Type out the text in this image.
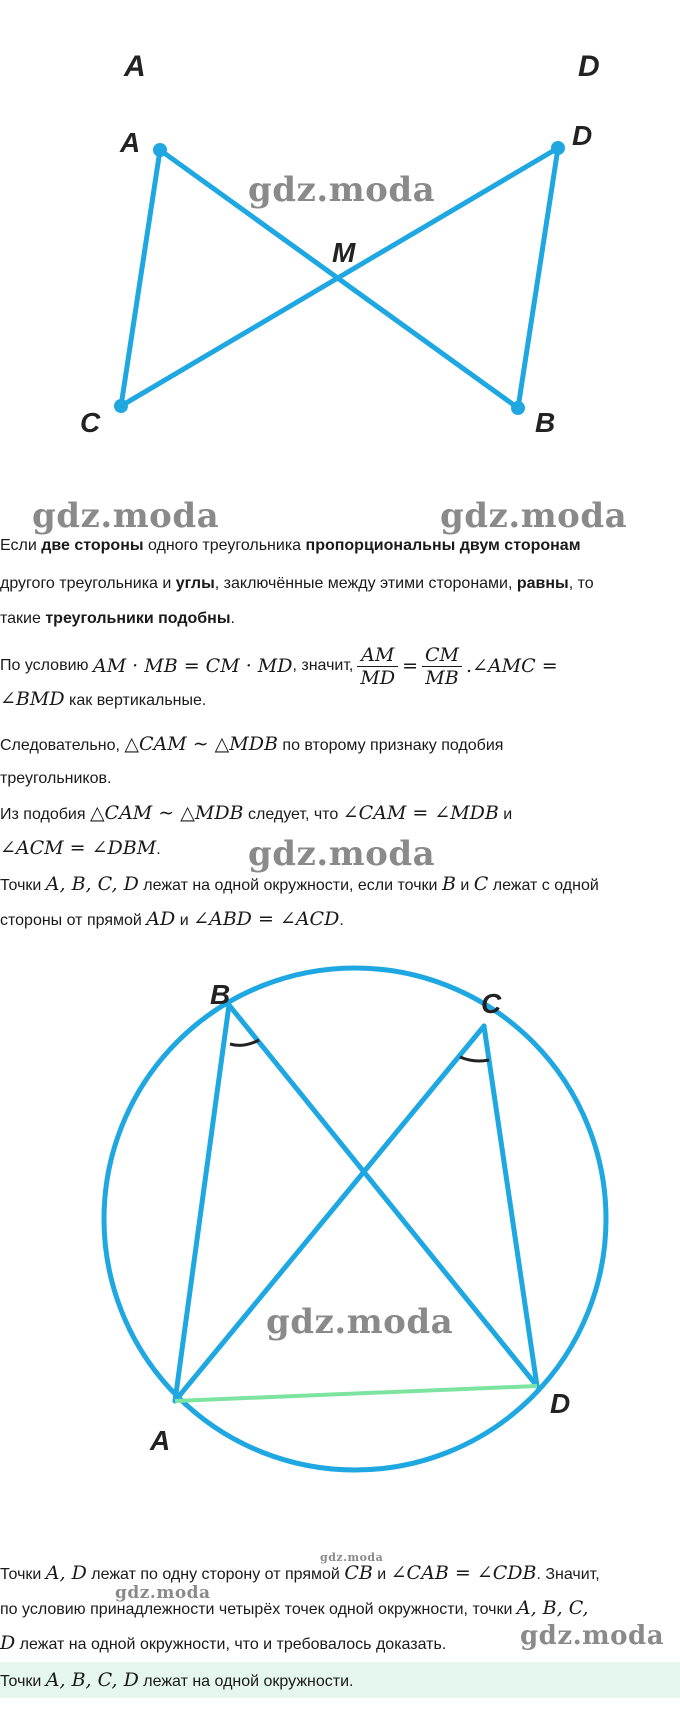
A	D
A	D
M
C	B
gdz.moda
gdz.moda	gdz.moda
Если две стороны одного треугольника пропорциональны двум сторонам
другого треугольника и углы, заключённые между этими сторонами, равны, то
такие треугольники подобны.
По условию
AM · MB = CM · MD , значит, $\frac{AM}{MD} = \frac{CM}{MB}$ .∠AMC =
∠BMD как вертикальные.
Следовательно, △CAM ∼ △MDB по второму признаку подобия
треугольников.
Из подобия △CAM ∼ △MDB следует, что ∠CAM = ∠MDB и
∠ACM = ∠DBM.	gdz.moda
Точки A, B, C, D лежат на одной окружности, если точки B и C лежат с одной
стороны от прямой AD и ∠ABD = ∠ACD.
B	C
A
D
gdz.moda
gdz.moda
Точки A, D лежат по одну сторону от прямой CB и ∠CAB = ∠CDB. Значит,
gdz.moda
по условию принадлежности четырёх точек одной окружности, точки A, B, C,
D лежат на одной окружности, что и требовалось доказать.	gdz.moda
Точки A, B, C, D лежат на одной окружности.
